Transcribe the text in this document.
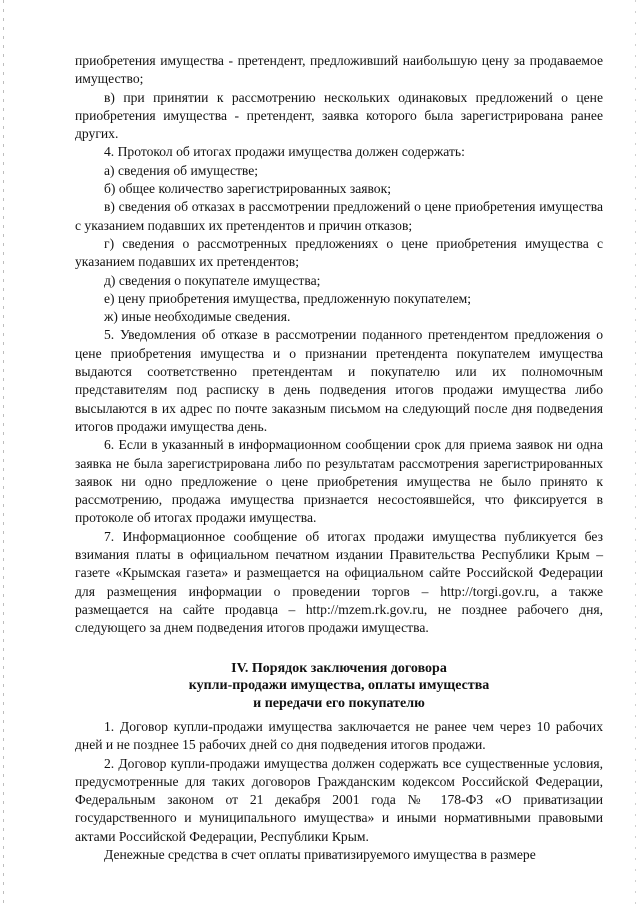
приобретения имущества - претендент, предложивший наибольшую цену за продаваемое имущество;

в) при принятии к рассмотрению нескольких одинаковых предложений о цене приобретения имущества - претендент, заявка которого была зарегистрирована ранее других.

4. Протокол об итогах продажи имущества должен содержать:

а) сведения об имуществе;

б) общее количество зарегистрированных заявок;

в) сведения об отказах в рассмотрении предложений о цене приобретения имущества с указанием подавших их претендентов и причин отказов;

г) сведения о рассмотренных предложениях о цене приобретения имущества с указанием подавших их претендентов;

д) сведения о покупателе имущества;

е) цену приобретения имущества, предложенную покупателем;

ж) иные необходимые сведения.

5. Уведомления об отказе в рассмотрении поданного претендентом предложения о цене приобретения имущества и о признании претендента покупателем имущества выдаются соответственно претендентам и покупателю или их полномочным представителям под расписку в день подведения итогов продажи имущества либо высылаются в их адрес по почте заказным письмом на следующий после дня подведения итогов продажи имущества день.

6. Если в указанный в информационном сообщении срок для приема заявок ни одна заявка не была зарегистрирована либо по результатам рассмотрения зарегистрированных заявок ни одно предложение о цене приобретения имущества не было принято к рассмотрению, продажа имущества признается несостоявшейся, что фиксируется в протоколе об итогах продажи имущества.

7. Информационное сообщение об итогах продажи имущества публикуется без взимания платы в официальном печатном издании Правительства Республики Крым – газете «Крымская газета» и размещается на официальном сайте Российской Федерации для размещения информации о проведении торгов – http://torgi.gov.ru, а также размещается на сайте продавца – http://mzem.rk.gov.ru, не позднее рабочего дня, следующего за днем подведения итогов продажи имущества.

IV. Порядок заключения договора
купли-продажи имущества, оплаты имущества
и передачи его покупателю

1. Договор купли-продажи имущества заключается не ранее чем через 10 рабочих дней и не позднее 15 рабочих дней со дня подведения итогов продажи.

2. Договор купли-продажи имущества должен содержать все существенные условия, предусмотренные для таких договоров Гражданским кодексом Российской Федерации, Федеральным законом от 21 декабря 2001 года № 178-ФЗ «О приватизации государственного и муниципального имущества» и иными нормативными правовыми актами Российской Федерации, Республики Крым.

Денежные средства в счет оплаты приватизируемого имущества в размере
